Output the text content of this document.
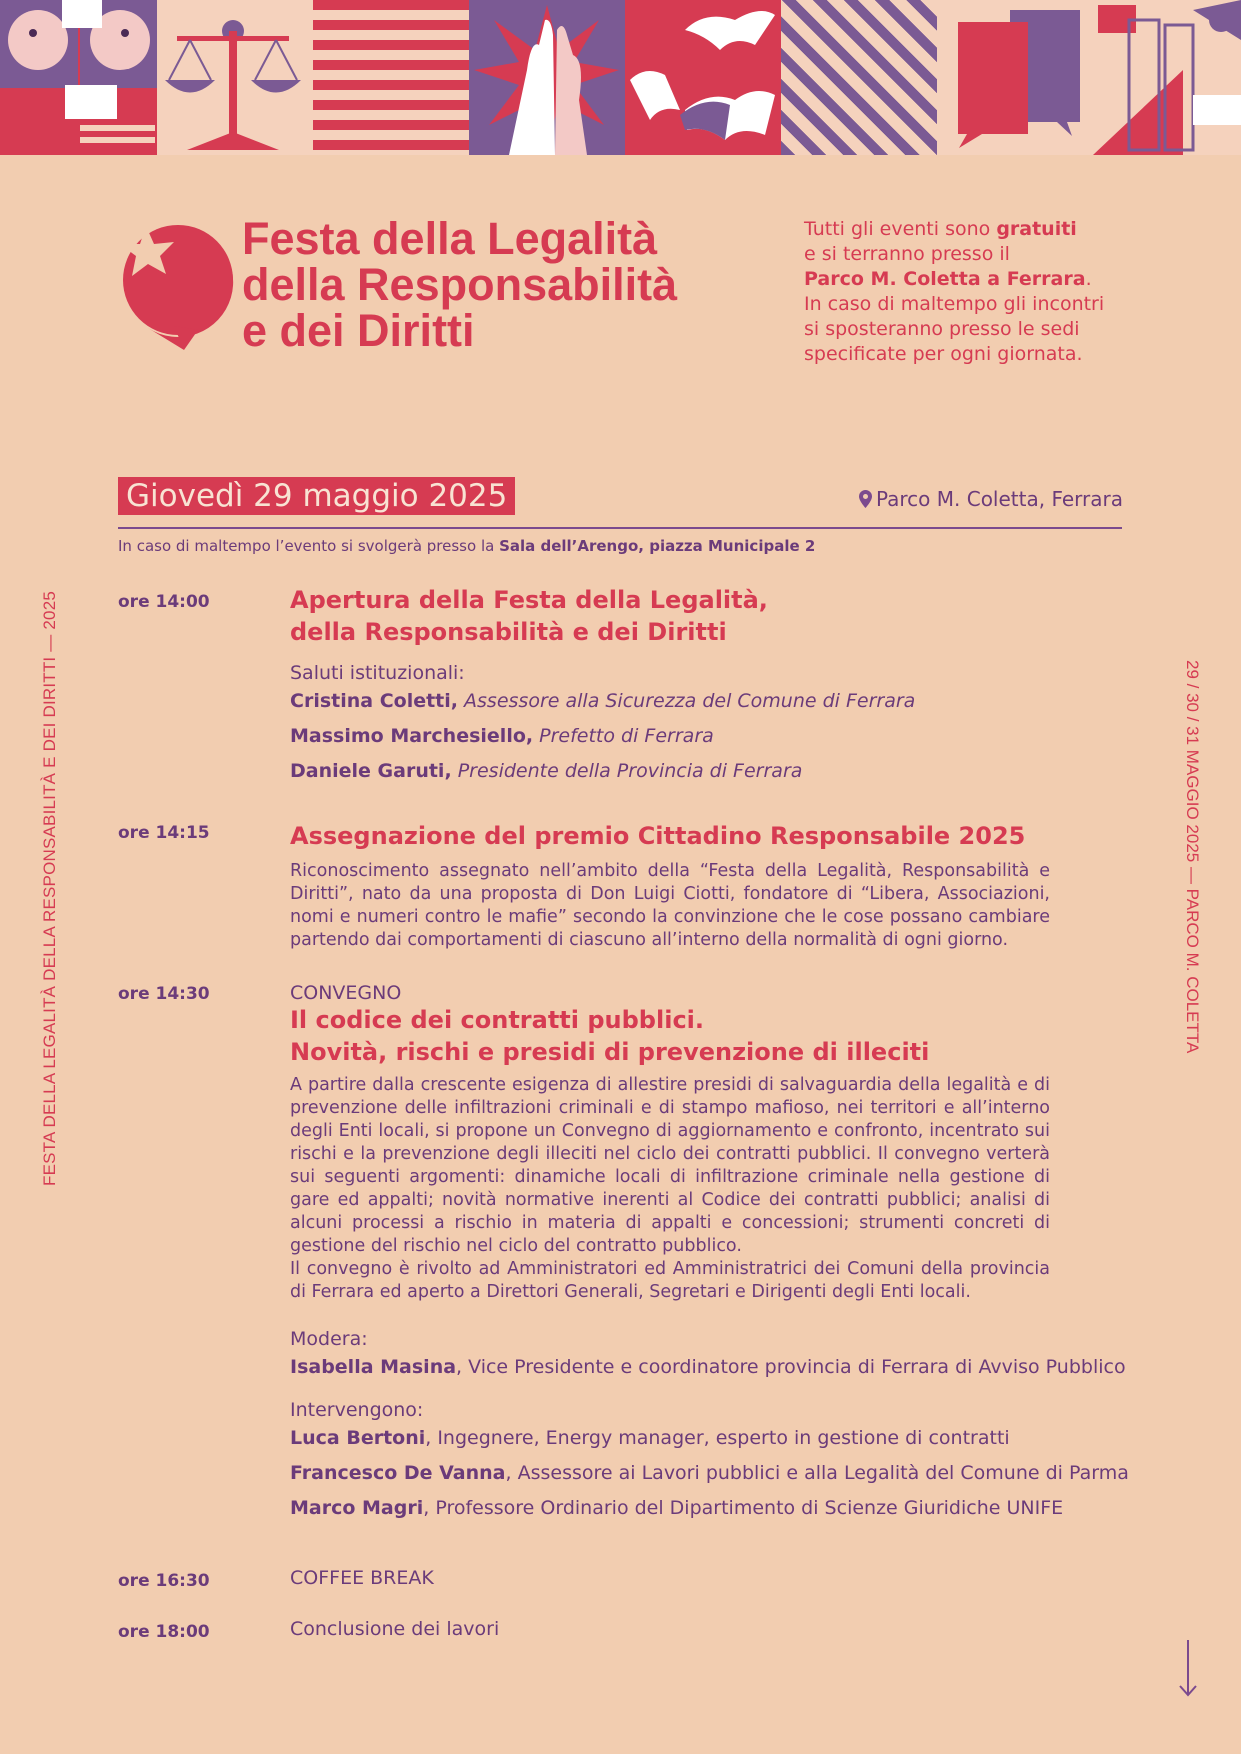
Festa della Legalità
della Responsabilità
e dei Diritti
Tutti gli eventi sono gratuiti
e si terranno presso il
Parco M. Coletta a Ferrara.
In caso di maltempo gli incontri
si sposteranno presso le sedi
specificate per ogni giornata.
Giovedì 29 maggio 2025	Parco M. Coletta, Ferrara
In caso di maltempo l’evento si svolgerà presso la Sala dell’Arengo, piazza Municipale 2
FESTA DELLA LEGALITÀ DELLA RESPONSABILITÀ E DEI DIRITTI — 2025	29 / 30 / 31 MAGGIO 2025 — PARCO M. COLETTA
ore 14:00	Apertura della Festa della Legalità,
della Responsabilità e dei Diritti

Saluti istituzionali:
Cristina Coletti, Assessore alla Sicurezza del Comune di Ferrara
Massimo Marchesiello, Prefetto di Ferrara
Daniele Garuti, Presidente della Provincia di Ferrara
ore 14:15	Assegnazione del premio Cittadino Responsabile 2025

Riconoscimento assegnato nell’ambito della “Festa della Legalità, Responsabilità e Diritti”, nato da una proposta di Don Luigi Ciotti, fondatore di “Libera, Associazioni, nomi e numeri contro le mafie” secondo la convinzione che le cose possano cambiare partendo dai comportamenti di ciascuno all’interno della normalità di ogni giorno.
ore 14:30	CONVEGNO

Il codice dei contratti pubblici.
Novità, rischi e presidi di prevenzione di illeciti

A partire dalla crescente esigenza di allestire presidi di salvaguardia della legalità e di prevenzione delle infiltrazioni criminali e di stampo mafioso, nei territori e all’interno degli Enti locali, si propone un Convegno di aggiornamento e confronto, incentrato sui rischi e la prevenzione degli illeciti nel ciclo dei contratti pubblici. Il convegno verterà sui seguenti argomenti: dinamiche locali di infiltrazione criminale nella gestione di gare ed appalti; novità normative inerenti al Codice dei contratti pubblici; analisi di alcuni processi a rischio in materia di appalti e concessioni; strumenti concreti di gestione del rischio nel ciclo del contratto pubblico.
Il convegno è rivolto ad Amministratori ed Amministratrici dei Comuni della provincia di Ferrara ed aperto a Direttori Generali, Segretari e Dirigenti degli Enti locali.
Modera:
Isabella Masina, Vice Presidente e coordinatore provincia di Ferrara di Avviso Pubblico
Intervengono:
Luca Bertoni, Ingegnere, Energy manager, esperto in gestione di contratti
Francesco De Vanna, Assessore ai Lavori pubblici e alla Legalità del Comune di Parma
Marco Magri, Professore Ordinario del Dipartimento di Scienze Giuridiche UNIFE
ore 16:30	COFFEE BREAK
ore 18:00	Conclusione dei lavori
